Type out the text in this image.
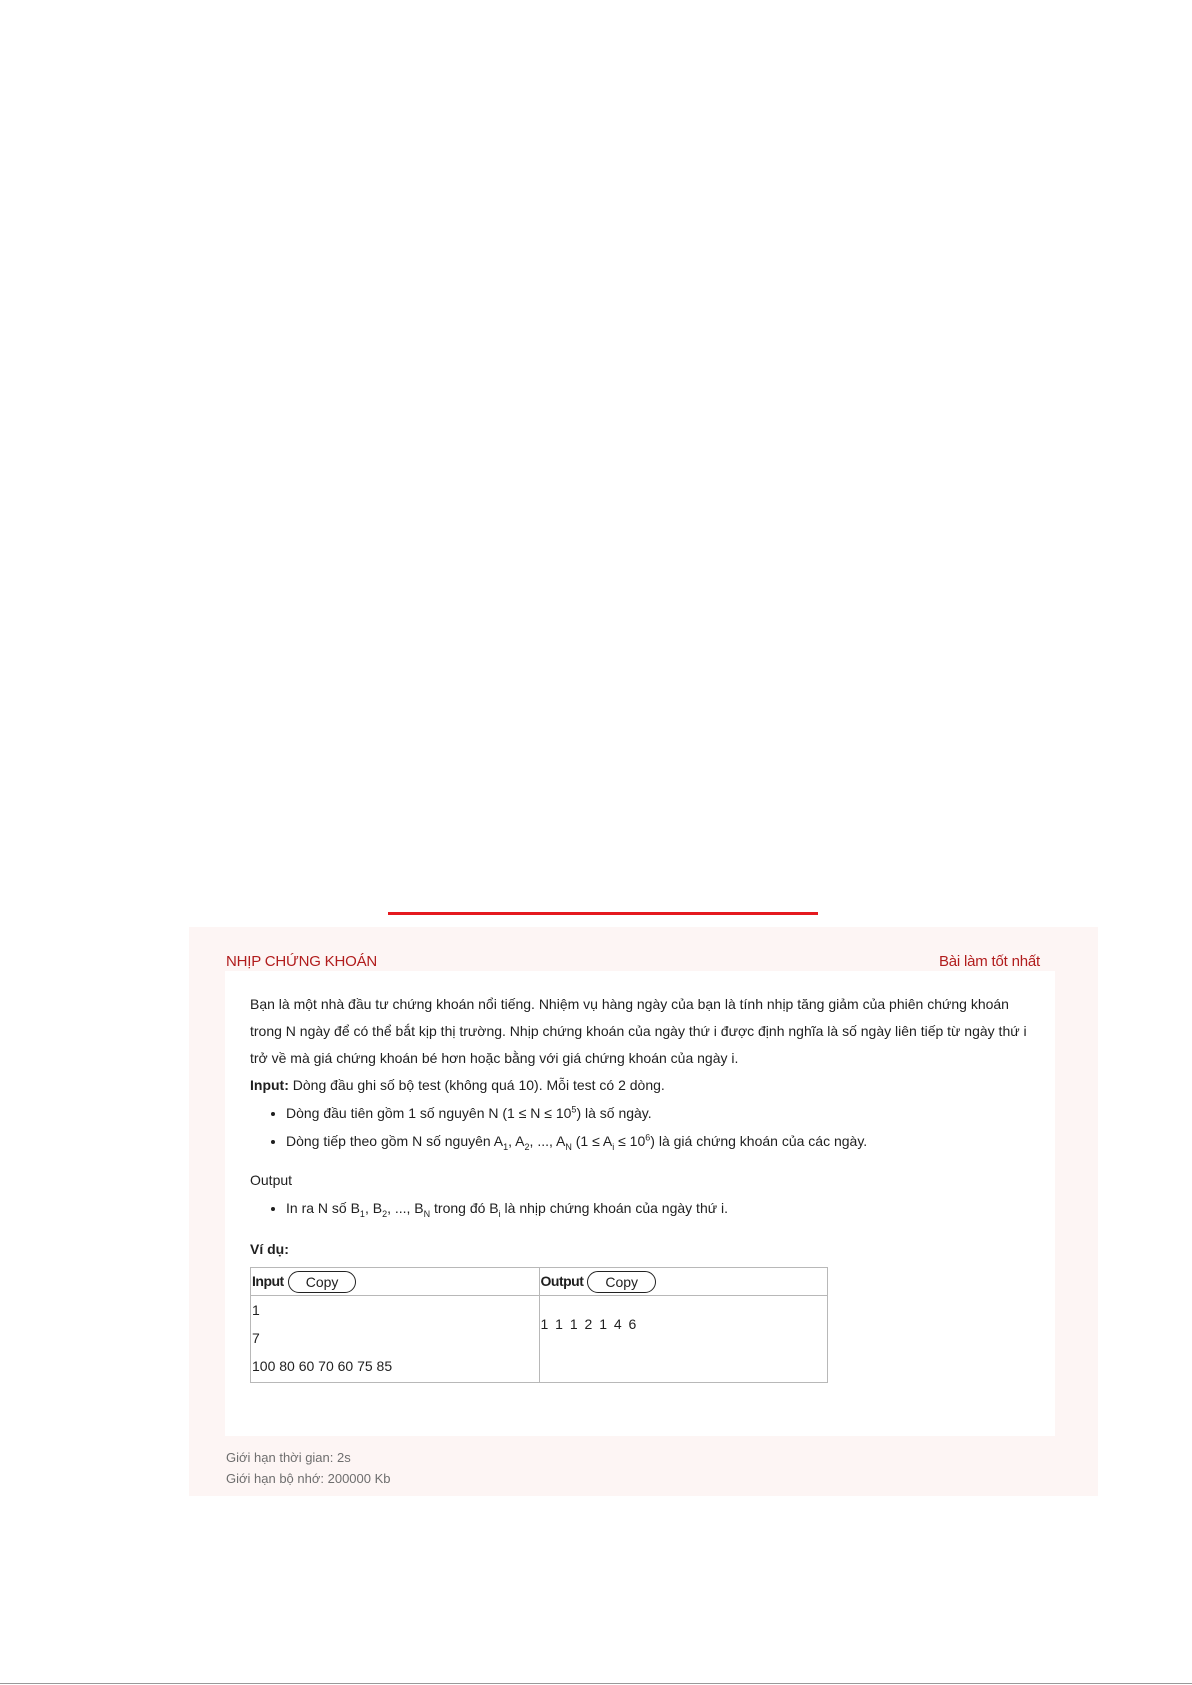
NHỊP CHỨNG KHOÁN	Bài làm tốt nhất

Bạn là một nhà đầu tư chứng khoán nổi tiếng. Nhiệm vụ hàng ngày của bạn là tính nhịp tăng giảm của phiên chứng khoán trong N ngày để có thể bắt kịp thị trường. Nhịp chứng khoán của ngày thứ i được định nghĩa là số ngày liên tiếp từ ngày thứ i trở về mà giá chứng khoán bé hơn hoặc bằng với giá chứng khoán của ngày i.

Input: Dòng đầu ghi số bộ test (không quá 10). Mỗi test có 2 dòng.

• Dòng đầu tiên gồm 1 số nguyên N $(1 \le N \le 10^5)$ là số ngày.
• Dòng tiếp theo gồm N số nguyên $A_1$, $A_2$, ..., $A_N$ $(1 \le A_i \le 10^6)$ là giá chứng khoán của các ngày.

Output

• In ra N số $B_1$, $B_2$, ..., $B_N$ trong đó $B_i$ là nhịp chứng khoán của ngày thứ i.

Ví dụ:

Input Copy	Output Copy

1
7
100 80 60 70 60 75 85	1 1 1 2 1 4 6
Giới hạn thời gian: 2s
Giới hạn bộ nhớ: 200000 Kb
